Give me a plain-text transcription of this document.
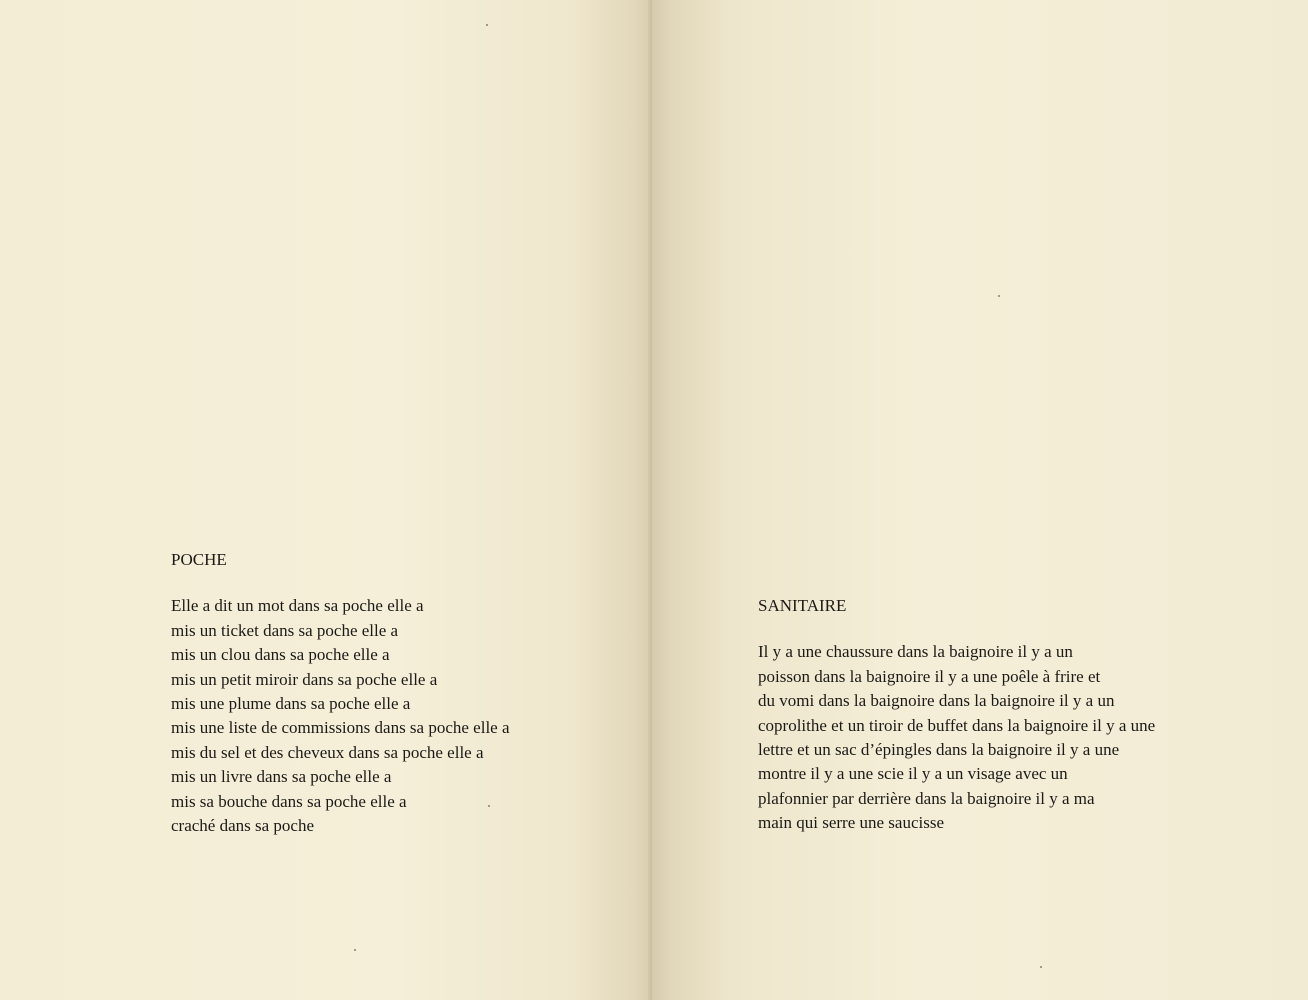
POCHE
Elle a dit un mot dans sa poche elle a
mis un ticket dans sa poche elle a
mis un clou dans sa poche elle a
mis un petit miroir dans sa poche elle a
mis une plume dans sa poche elle a
mis une liste de commissions dans sa poche elle a
mis du sel et des cheveux dans sa poche elle a
mis un livre dans sa poche elle a
mis sa bouche dans sa poche elle a
craché dans sa poche
SANITAIRE
Il y a une chaussure dans la baignoire il y a un
poisson dans la baignoire il y a une poêle à frire et
du vomi dans la baignoire dans la baignoire il y a un
coprolithe et un tiroir de buffet dans la baignoire il y a une
lettre et un sac d’épingles dans la baignoire il y a une
montre il y a une scie il y a un visage avec un
plafonnier par derrière dans la baignoire il y a ma
main qui serre une saucisse
